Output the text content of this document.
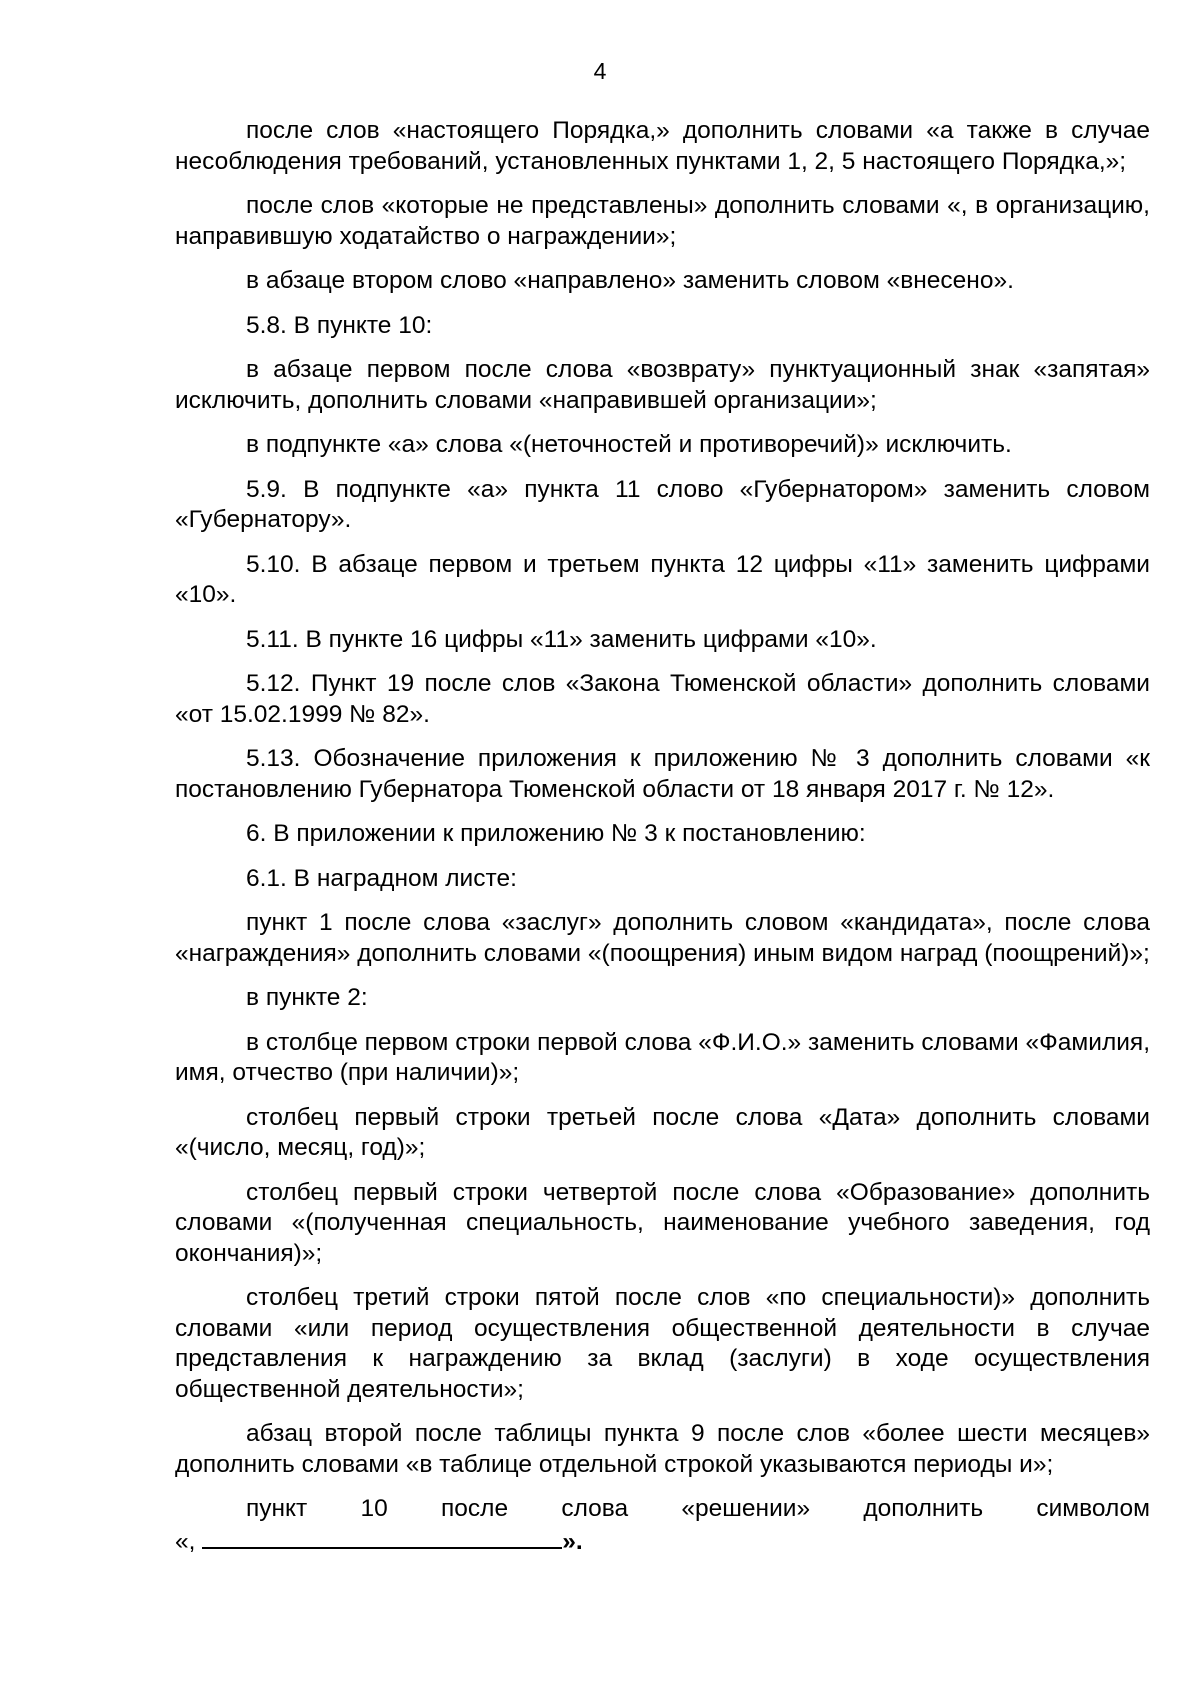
4

после слов «настоящего Порядка,» дополнить словами «а также в случае несоблюдения требований, установленных пунктами 1, 2, 5 настоящего Порядка,»;

после слов «которые не представлены» дополнить словами «, в организацию, направившую ходатайство о награждении»;

в абзаце втором слово «направлено» заменить словом «внесено».

5.8. В пункте 10:

в абзаце первом после слова «возврату» пунктуационный знак «запятая» исключить, дополнить словами «направившей организации»;

в подпункте «а» слова «(неточностей и противоречий)» исключить.

5.9. В подпункте «а» пункта 11 слово «Губернатором» заменить словом «Губернатору».

5.10. В абзаце первом и третьем пункта 12 цифры «11» заменить цифрами «10».

5.11. В пункте 16 цифры «11» заменить цифрами «10».

5.12. Пункт 19 после слов «Закона Тюменской области» дополнить словами «от 15.02.1999 № 82».

5.13. Обозначение приложения к приложению № 3 дополнить словами «к постановлению Губернатора Тюменской области от 18 января 2017 г. № 12».

6. В приложении к приложению № 3 к постановлению:

6.1. В наградном листе:

пункт 1 после слова «заслуг» дополнить словом «кандидата», после слова «награждения» дополнить словами «(поощрения) иным видом наград (поощрений)»;

в пункте 2:

в столбце первом строки первой слова «Ф.И.О.» заменить словами «Фамилия, имя, отчество (при наличии)»;

столбец первый строки третьей после слова «Дата» дополнить словами «(число, месяц, год)»;

столбец первый строки четвертой после слова «Образование» дополнить словами «(полученная специальность, наименование учебного заведения, год окончания)»;

столбец третий строки пятой после слов «по специальности)» дополнить словами «или период осуществления общественной деятельности в случае представления к награждению за вклад (заслуги) в ходе осуществления общественной деятельности»;

абзац второй после таблицы пункта 9 после слов «более шести месяцев» дополнить словами «в таблице отдельной строкой указываются периоды и»;

пункт 10 после слова «решении» дополнить символом

«,	».
